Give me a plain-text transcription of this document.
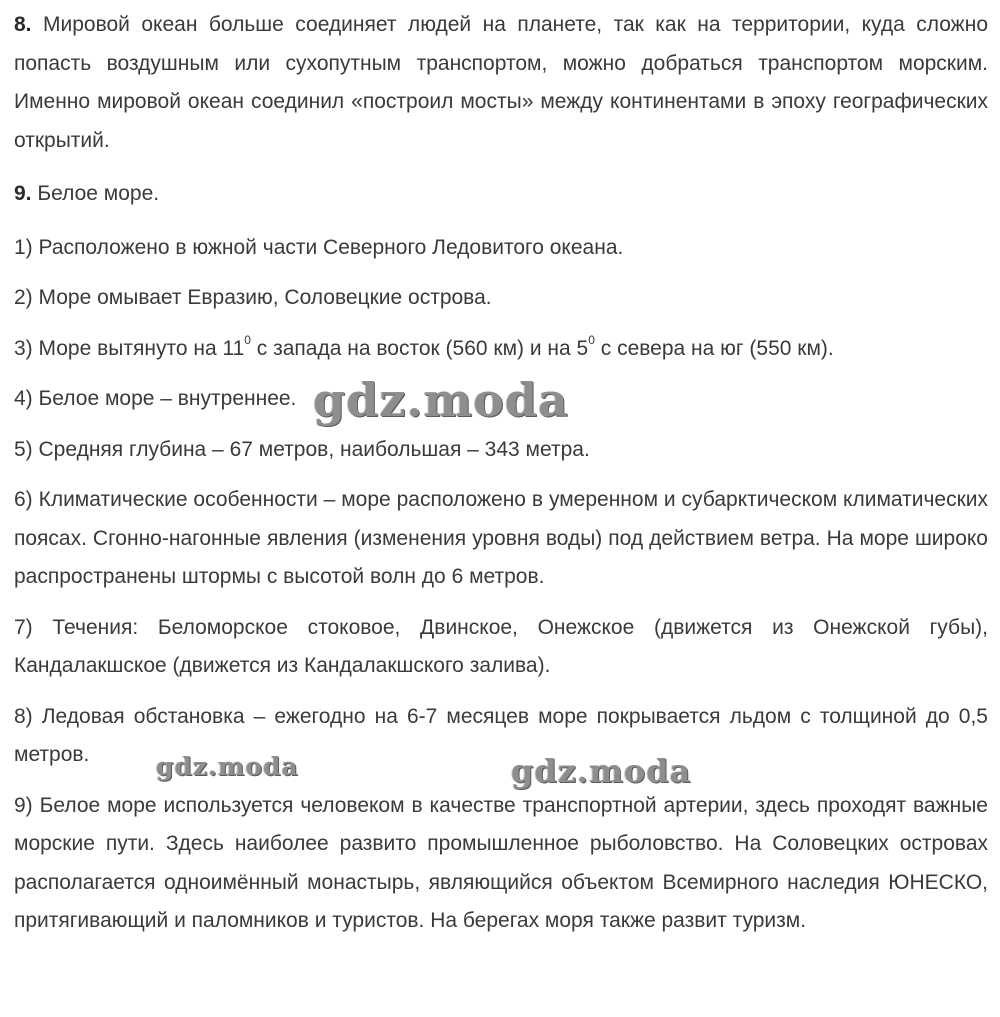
8. Мировой океан больше соединяет людей на планете, так как на территории, куда сложно попасть воздушным или сухопутным транспортом, можно добраться транспортом морским. Именно мировой океан соединил «построил мосты» между континентами в эпоху географических открытий.

9. Белое море.

1) Расположено в южной части Северного Ледовитого океана.

2) Море омывает Евразию, Соловецкие острова.

3) Море вытянуто на $11^0$ с запада на восток (560 км) и на $5^0$ с севера на юг (550 км).

4) Белое море – внутреннее.

5) Средняя глубина – 67 метров, наибольшая – 343 метра.

6) Климатические особенности – море расположено в умеренном и субарктическом климатических поясах. Сгонно-нагонные явления (изменения уровня воды) под действием ветра. На море широко распространены штормы с высотой волн до 6 метров.

7) Течения: Беломорское стоковое, Двинское, Онежское (движется из Онежской губы), Кандалакшское (движется из Кандалакшского залива).

8) Ледовая обстановка – ежегодно на 6-7 месяцев море покрывается льдом с толщиной до 0,5 метров.

9) Белое море используется человеком в качестве транспортной артерии, здесь проходят важные морские пути. Здесь наиболее развито промышленное рыболовство. На Соловецких островах располагается одноимённый монастырь, являющийся объектом Всемирного наследия ЮНЕСКО, притягивающий и паломников и туристов. На берегах моря также развит туризм.

gdz.moda
gdz.moda	gdz.moda
